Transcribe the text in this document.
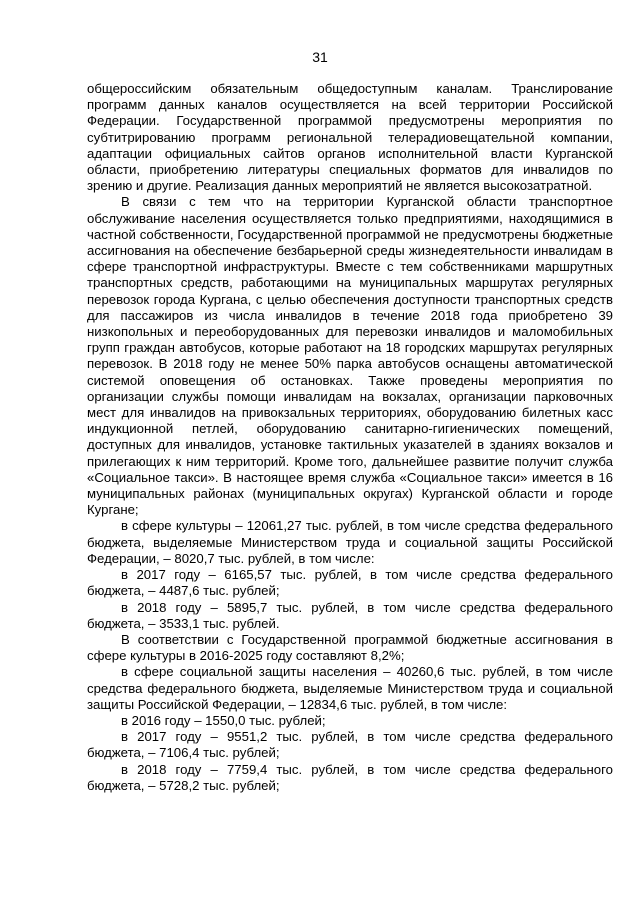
31

общероссийским обязательным общедоступным каналам. Транслирование программ данных каналов осуществляется на всей территории Российской Федерации. Государственной программой предусмотрены мероприятия по субтитрированию программ региональной телерадиовещательной компании, адаптации официальных сайтов органов исполнительной власти Курганской области, приобретению литературы специальных форматов для инвалидов по зрению и другие. Реализация данных мероприятий не является высокозатратной.

В связи с тем что на территории Курганской области транспортное обслуживание населения осуществляется только предприятиями, находящимися в частной собственности, Государственной программой не предусмотрены бюджетные ассигнования на обеспечение безбарьерной среды жизнедеятельности инвалидам в сфере транспортной инфраструктуры. Вместе с тем собственниками маршрутных транспортных средств, работающими на муниципальных маршрутах регулярных перевозок города Кургана, с целью обеспечения доступности транспортных средств для пассажиров из числа инвалидов в течение 2018 года приобретено 39 низкопольных и переоборудованных для перевозки инвалидов и маломобильных групп граждан автобусов, которые работают на 18 городских маршрутах регулярных перевозок. В 2018 году не менее 50% парка автобусов оснащены автоматической системой оповещения об остановках. Также проведены мероприятия по организации службы помощи инвалидам на вокзалах, организации парковочных мест для инвалидов на привокзальных территориях, оборудованию билетных касс индукционной петлей, оборудованию санитарно-гигиенических помещений, доступных для инвалидов, установке тактильных указателей в зданиях вокзалов и прилегающих к ним территорий. Кроме того, дальнейшее развитие получит служба «Социальное такси». В настоящее время служба «Социальное такси» имеется в 16 муниципальных районах (муниципальных округах) Курганской области и городе Кургане;

в сфере культуры – 12061,27 тыс. рублей, в том числе средства федерального бюджета, выделяемые Министерством труда и социальной защиты Российской Федерации, – 8020,7 тыс. рублей, в том числе:

в 2017 году – 6165,57 тыс. рублей, в том числе средства федерального бюджета, – 4487,6 тыс. рублей;

в 2018 году – 5895,7 тыс. рублей, в том числе средства федерального бюджета, – 3533,1 тыс. рублей.

В соответствии с Государственной программой бюджетные ассигнования в сфере культуры в 2016-2025 году составляют 8,2%;

в сфере социальной защиты населения – 40260,6 тыс. рублей, в том числе средства федерального бюджета, выделяемые Министерством труда и социальной защиты Российской Федерации, – 12834,6 тыс. рублей, в том числе:

в 2016 году – 1550,0 тыс. рублей;

в 2017 году – 9551,2 тыс. рублей, в том числе средства федерального бюджета, – 7106,4 тыс. рублей;

в 2018 году – 7759,4 тыс. рублей, в том числе средства федерального бюджета, – 5728,2 тыс. рублей;
